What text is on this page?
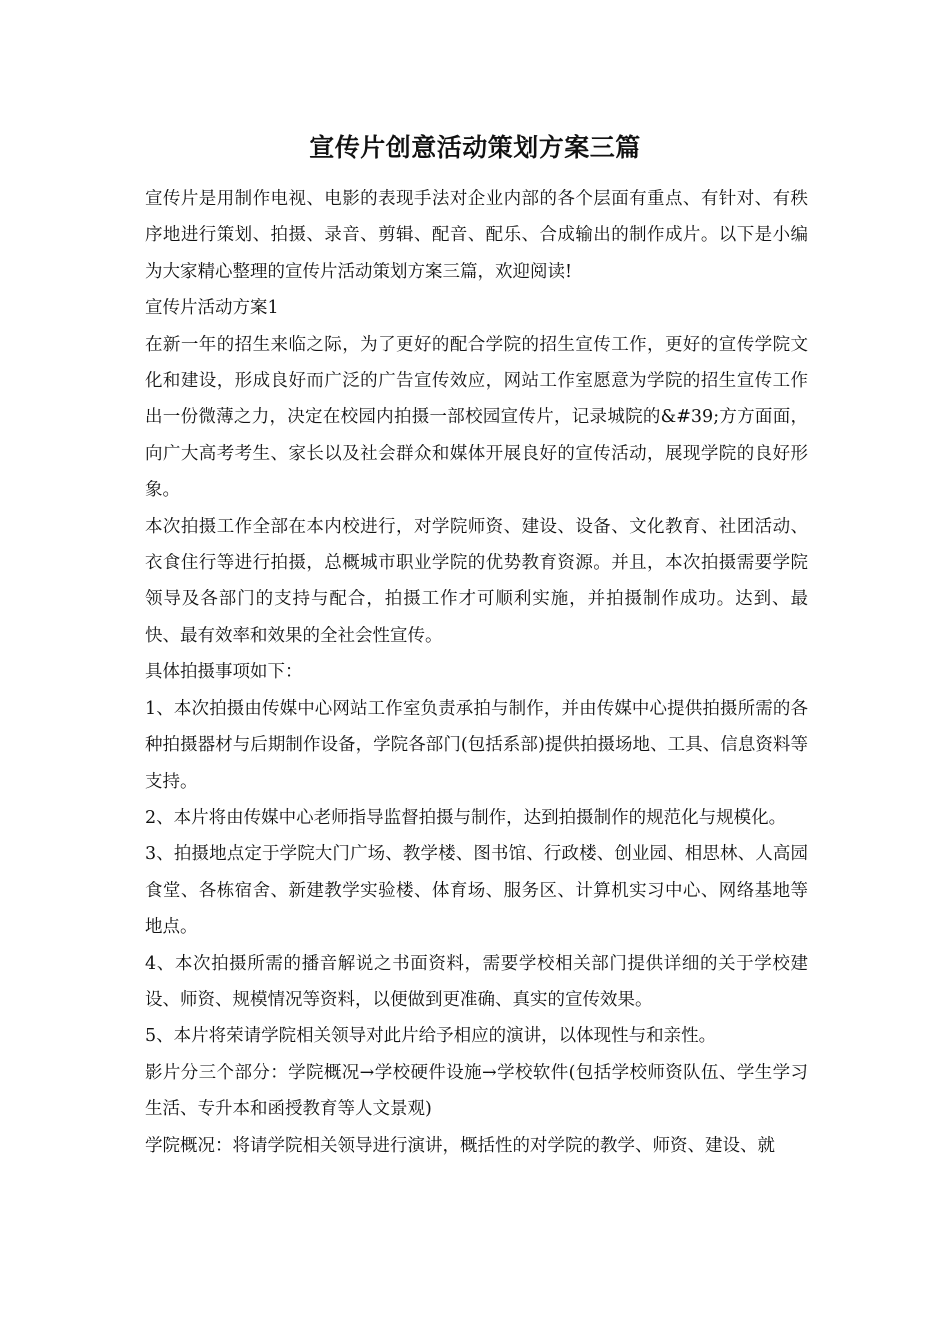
宣传片创意活动策划方案三篇

宣传片是用制作电视、电影的表现手法对企业内部的各个层面有重点、有针对、有秩序地进行策划、拍摄、录音、剪辑、配音、配乐、合成输出的制作成片。以下是小编为大家精心整理的宣传片活动策划方案三篇，欢迎阅读!

宣传片活动方案1

在新一年的招生来临之际，为了更好的配合学院的招生宣传工作，更好的宣传学院文化和建设，形成良好而广泛的广告宣传效应，网站工作室愿意为学院的招生宣传工作出一份微薄之力，决定在校园内拍摄一部校园宣传片，记录城院的&#39;方方面面，向广大高考考生、家长以及社会群众和媒体开展良好的宣传活动，展现学院的良好形象。

本次拍摄工作全部在本内校进行，对学院师资、建设、设备、文化教育、社团活动、衣食住行等进行拍摄，总概城市职业学院的优势教育资源。并且，本次拍摄需要学院领导及各部门的支持与配合，拍摄工作才可顺利实施，并拍摄制作成功。达到、最快、最有效率和效果的全社会性宣传。

具体拍摄事项如下：

1、本次拍摄由传媒中心网站工作室负责承拍与制作，并由传媒中心提供拍摄所需的各种拍摄器材与后期制作设备，学院各部门(包括系部)提供拍摄场地、工具、信息资料等支持。

2、本片将由传媒中心老师指导监督拍摄与制作，达到拍摄制作的规范化与规模化。

3、拍摄地点定于学院大门广场、教学楼、图书馆、行政楼、创业园、相思林、人高园食堂、各栋宿舍、新建教学实验楼、体育场、服务区、计算机实习中心、网络基地等地点。

4、本次拍摄所需的播音解说之书面资料，需要学校相关部门提供详细的关于学校建设、师资、规模情况等资料，以便做到更准确、真实的宣传效果。

5、本片将荣请学院相关领导对此片给予相应的演讲，以体现性与和亲性。

影片分三个部分：学院概况→学校硬件设施→学校软件(包括学校师资队伍、学生学习生活、专升本和函授教育等人文景观)

学院概况：将请学院相关领导进行演讲，概括性的对学院的教学、师资、建设、就
